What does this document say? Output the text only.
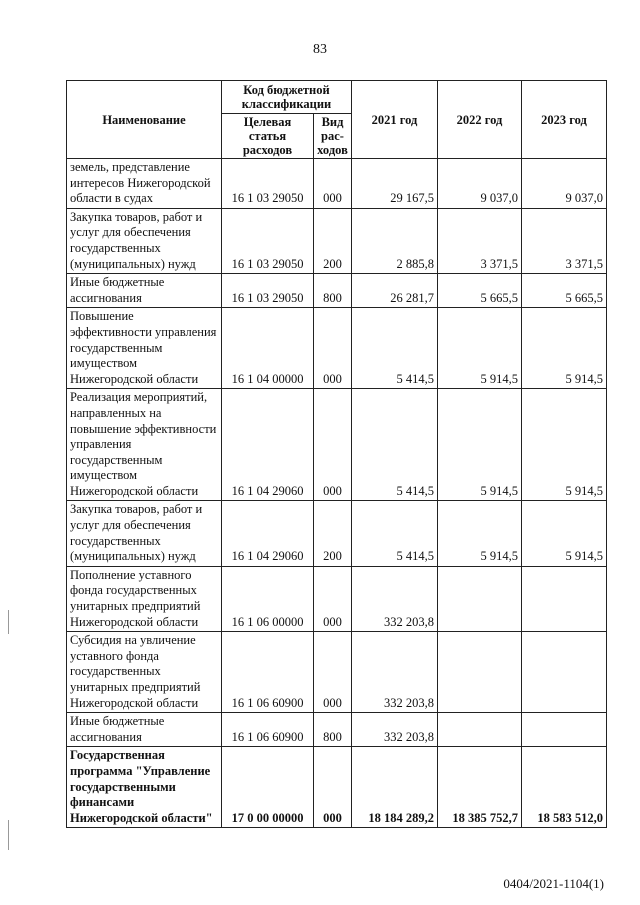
83
Наименование	Код бюджетной классификации		2021 год	2022 год	2023 год
	Целевая статья расходов	Вид рас-ходов			
земель, представление интересов Нижегородской области в судах	16 1 03 29050	000	29 167,5	9 037,0	9 037,0
Закупка товаров, работ и услуг для обеспечения государственных (муниципальных) нужд	16 1 03 29050	200	2 885,8	3 371,5	3 371,5
Иные бюджетные ассигнования	16 1 03 29050	800	26 281,7	5 665,5	5 665,5
Повышение эффективности управления государственным имуществом Нижегородской области	16 1 04 00000	000	5 414,5	5 914,5	5 914,5
Реализация мероприятий, направленных на повышение эффективности управления государственным имуществом Нижегородской области	16 1 04 29060	000	5 414,5	5 914,5	5 914,5
Закупка товаров, работ и услуг для обеспечения государственных (муниципальных) нужд	16 1 04 29060	200	5 414,5	5 914,5	5 914,5
Пополнение уставного фонда государственных унитарных предприятий Нижегородской области	16 1 06 00000	000	332 203,8		
Субсидия на увличение уставного фонда государственных унитарных предприятий Нижегородской области	16 1 06 60900	000	332 203,8		
Иные бюджетные ассигнования	16 1 06 60900	800	332 203,8		
Государственная программа "Управление государственными финансами Нижегородской области"	17 0 00 00000	000	18 184 289,2	18 385 752,7	18 583 512,0
0404/2021-1104(1)
